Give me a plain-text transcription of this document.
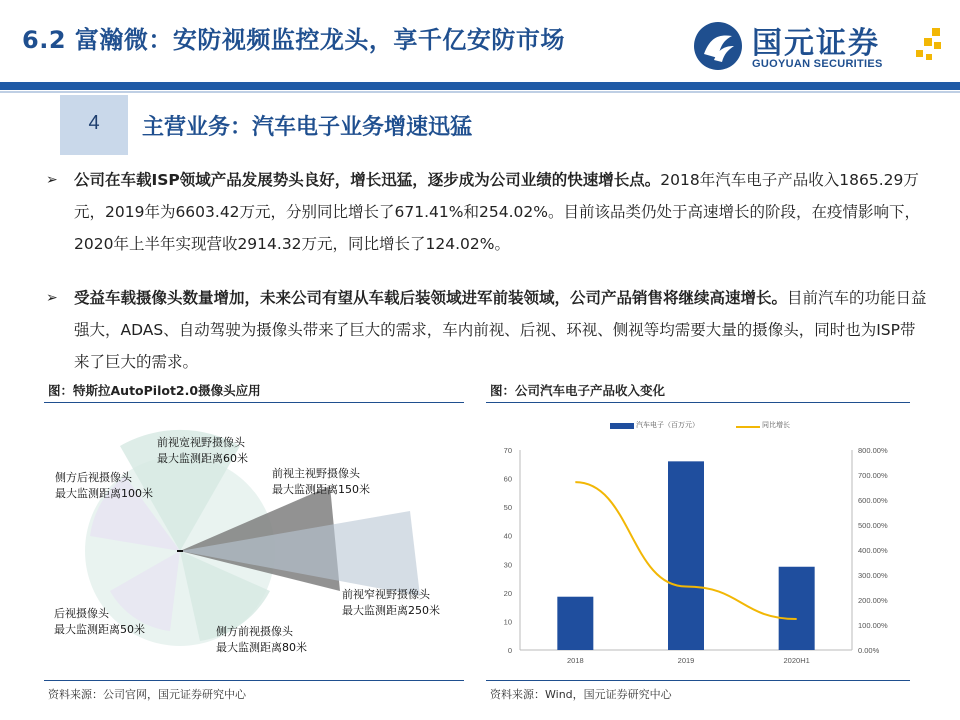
6.2 富瀚微：安防视频监控龙头，享千亿安防市场	国元证券
GUOYUAN SECURITIES
4	主营业务：汽车电子业务增速迅猛
➢	公司在车载ISP领域产品发展势头良好，增长迅猛，逐步成为公司业绩的快速增长点。2018年汽车电子产品收入1865.29万元，2019年为6603.42万元，分别同比增长了671.41%和254.02%。目前该品类仍处于高速增长的阶段，在疫情影响下，2020年上半年实现营收2914.32万元，同比增长了124.02%。

➢	受益车载摄像头数量增加，未来公司有望从车载后装领域进军前装领域，公司产品销售将继续高速增长。目前汽车的功能日益强大，ADAS、自动驾驶为摄像头带来了巨大的需求，车内前视、后视、环视、侧视等均需要大量的摄像头，同时也为ISP带来了巨大的需求。

图：特斯拉AutoPilot2.0摄像头应用
前视宽视野摄像头
最大监测距离60米
前视主视野摄像头
最大监测距离150米
侧方后视摄像头
最大监测距离100米
前视窄视野摄像头
最大监测距离250米
后视摄像头
最大监测距离50米	侧方前视摄像头
最大监测距离80米
资料来源：公司官网，国元证券研究中心
图：公司汽车电子产品收入变化
汽车电子（百万元）	同比增长
0
10
20
30
40
50
60
70
0.00%
100.00%
200.00%
300.00%
400.00%
500.00%
600.00%
700.00%
800.00%
2018	2019	2020H1
资料来源：Wind，国元证券研究中心
